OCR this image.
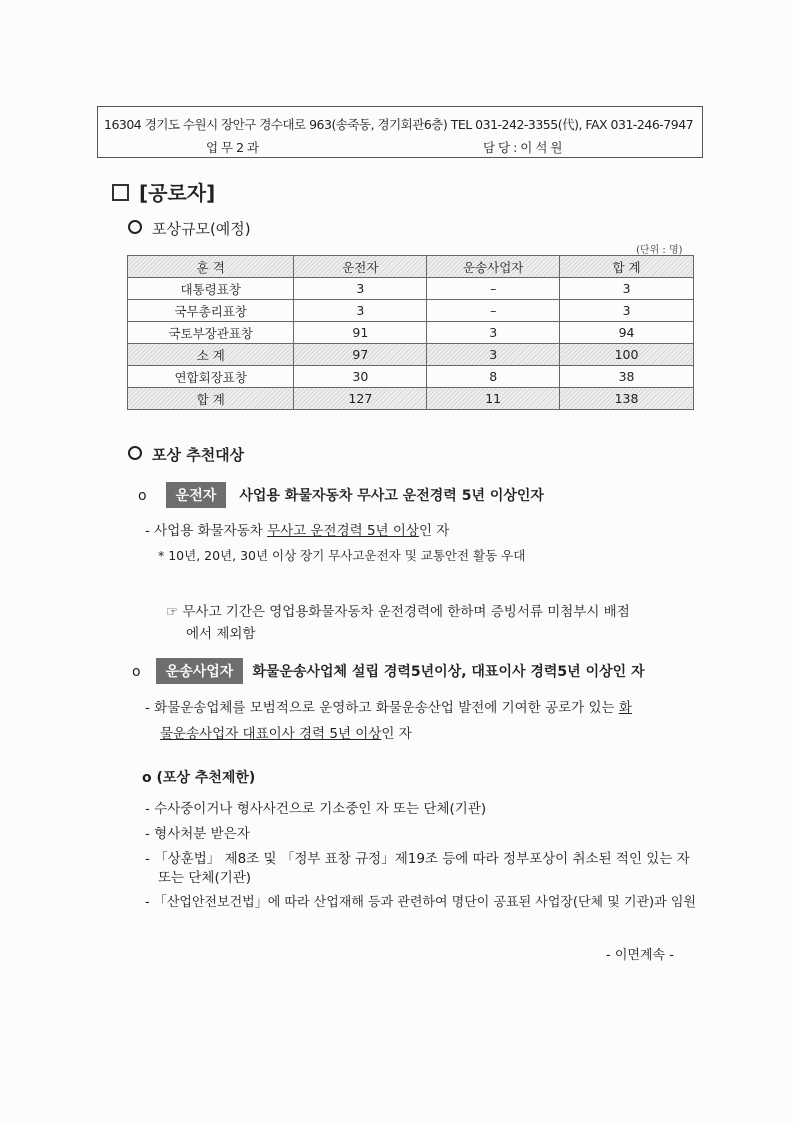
16304 경기도 수원시 장안구 경수대로 963(송죽동, 경기회관6층) TEL 031-242-3355(代), FAX 031-246-7947
업 무 2 과	담 당 : 이 석 원
[공로자]
포상규모(예정)
(단위 : 명)
훈 격	운전자	운송사업자	합 계
대통령표창	3	–	3
국무총리표창	3	–	3
국토부장관표창	91	3	94
소 계	97	3	100
연합회장표창	30	8	38
합 계	127	11	138
포상 추천대상
o 운전자 사업용 화물자동차 무사고 운전경력 5년 이상인자
- 사업용 화물자동차 무사고 운전경력 5년 이상인 자
* 10년, 20년, 30년 이상 장기 무사고운전자 및 교통안전 활동 우대
☞ 무사고 기간은 영업용화물자동차 운전경력에 한하며 증빙서류 미첨부시 배점
에서 제외함
o 운송사업자 화물운송사업체 설립 경력5년이상, 대표이사 경력5년 이상인 자
- 화물운송업체를 모범적으로 운영하고 화물운송산업 발전에 기여한 공로가 있는 화
물운송사업자 대표이사 경력 5년 이상인 자
o (포상 추천제한)
- 수사중이거나 형사사건으로 기소중인 자 또는 단체(기관)
- 형사처분 받은자
- 「상훈법」 제8조 및 「정부 표창 규정」제19조 등에 따라 정부포상이 취소된 적인 있는 자
또는 단체(기관)
- 「산업안전보건법」에 따라 산업재해 등과 관련하여 명단이 공표된 사업장(단체 및 기관)과 임원
- 이면계속 -
